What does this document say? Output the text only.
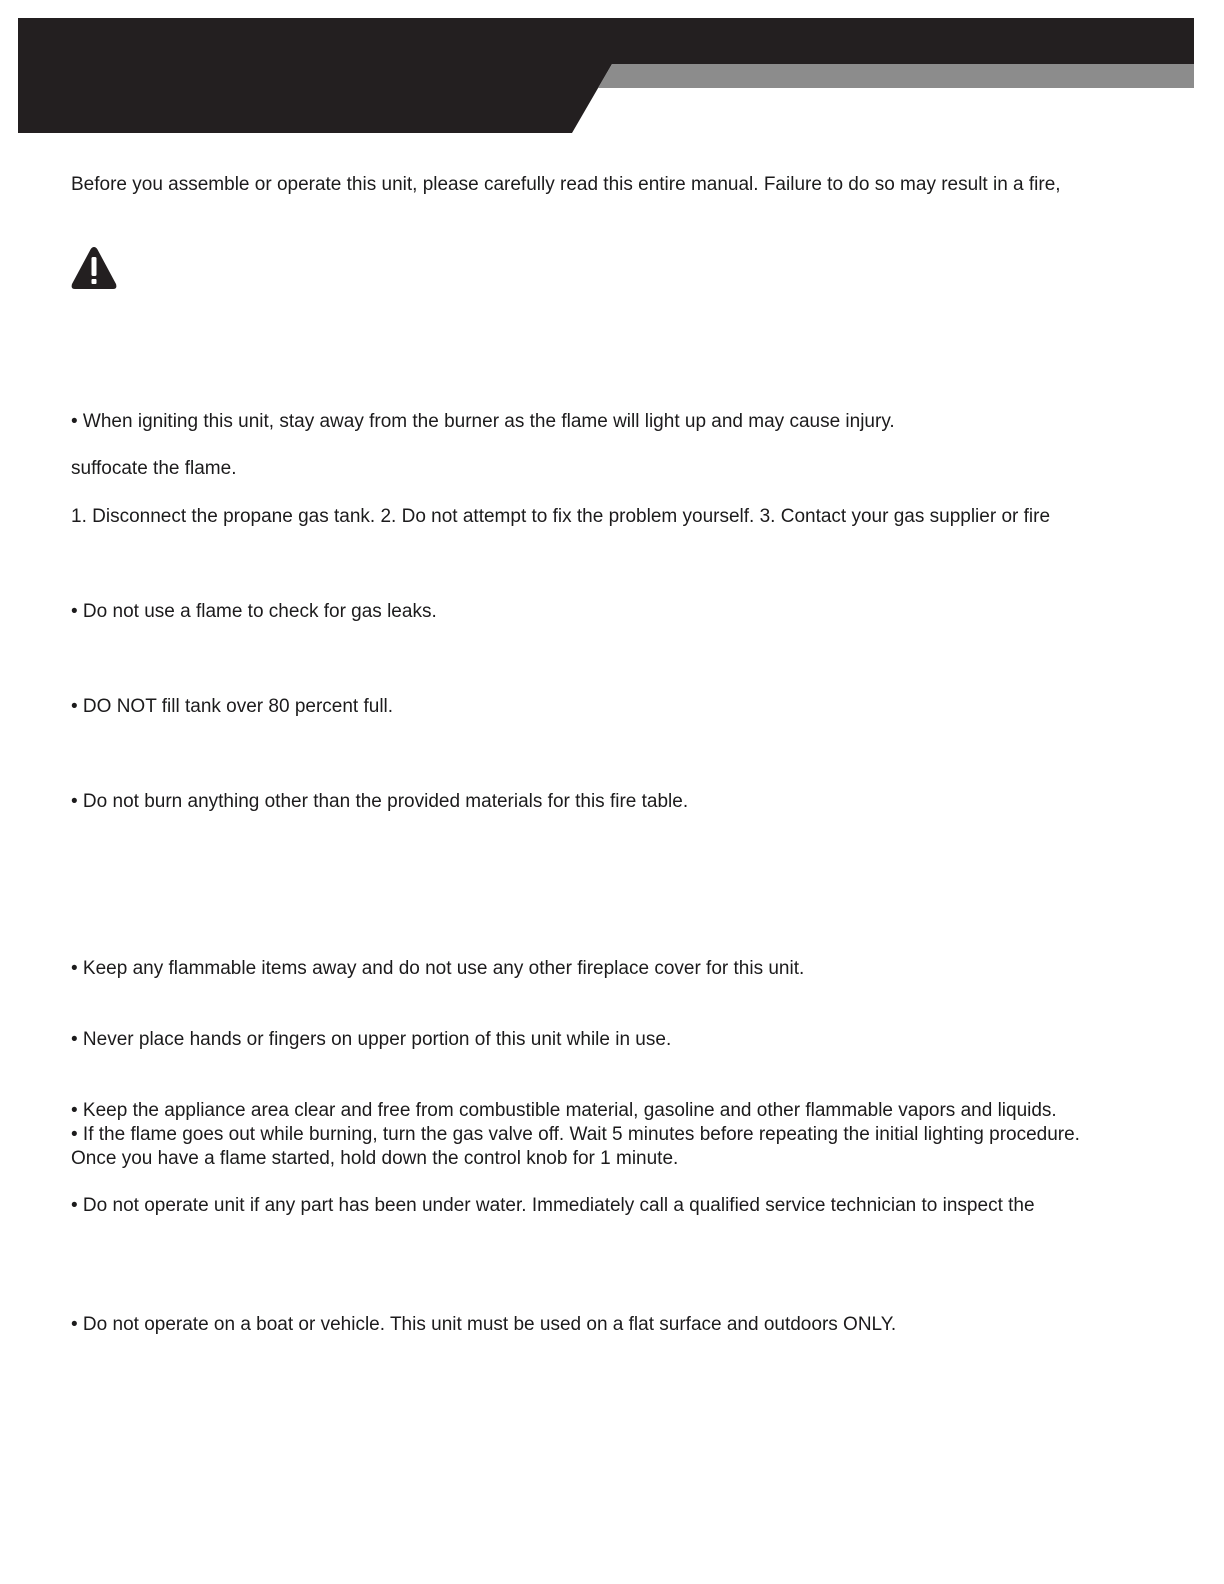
Before you assemble or operate this unit, please carefully read this entire manual. Failure to do so may result in a fire,
• When igniting this unit, stay away from the burner as the flame will light up and may cause injury.
suffocate the flame.
1. Disconnect the propane gas tank. 2. Do not attempt to fix the problem yourself. 3. Contact your gas supplier or fire
• Do not use a flame to check for gas leaks.
• DO NOT fill tank over 80 percent full.
• Do not burn anything other than the provided materials for this fire table.
• Keep any flammable items away and do not use any other fireplace cover for this unit.
• Never place hands or fingers on upper portion of this unit while in use.
• Keep the appliance area clear and free from combustible material, gasoline and other flammable vapors and liquids.
• If the flame goes out while burning, turn the gas valve off. Wait 5 minutes before repeating the initial lighting procedure.
Once you have a flame started, hold down the control knob for 1 minute.
• Do not operate unit if any part has been under water. Immediately call a qualified service technician to inspect the
• Do not operate on a boat or vehicle. This unit must be used on a flat surface and outdoors ONLY.
